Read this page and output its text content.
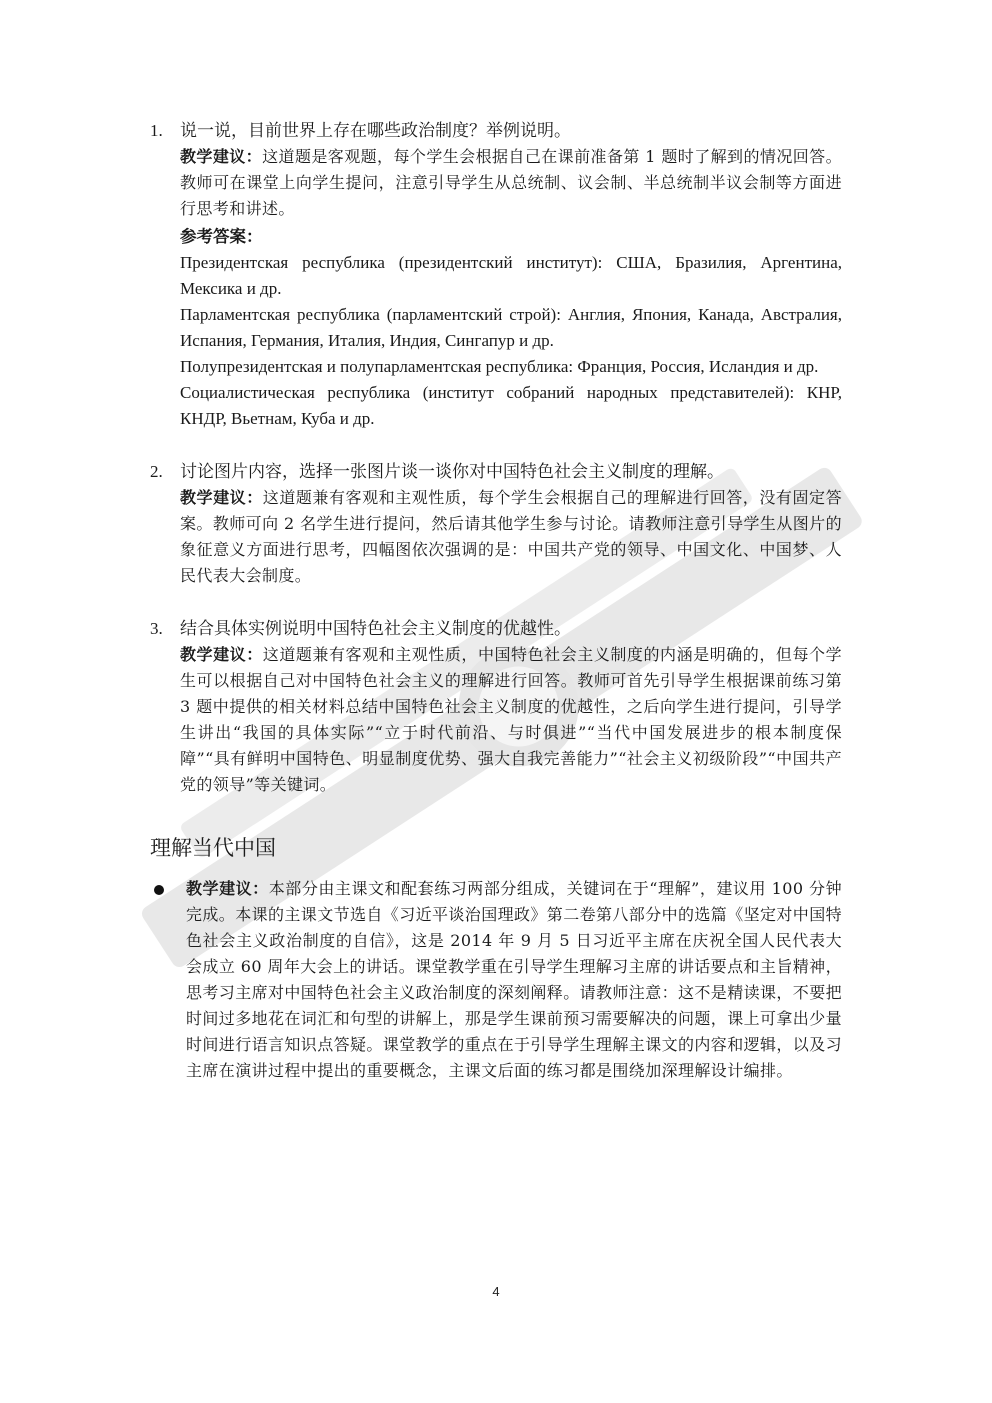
1. 说一说，目前世界上存在哪些政治制度？举例说明。
教学建议：这道题是客观题，每个学生会根据自己在课前准备第 1 题时了解到的情况回答。教师可在课堂上向学生提问，注意引导学生从总统制、议会制、半总统制半议会制等方面进行思考和讲述。
参考答案：
Президентская республика (президентский институт): США, Бразилия, Аргентина, Мексика и др.
Парламентская республика (парламентский строй): Англия, Япония, Канада, Австралия, Испания, Германия, Италия, Индия, Сингапур и др.
Полупрезидентская и полупарламентская республика: Франция, Россия, Исландия и др.
Социалистическая республика (институт собраний народных представителей): КНР, КНДР, Вьетнам, Куба и др.
2. 讨论图片内容，选择一张图片谈一谈你对中国特色社会主义制度的理解。
教学建议：这道题兼有客观和主观性质，每个学生会根据自己的理解进行回答，没有固定答案。教师可向 2 名学生进行提问，然后请其他学生参与讨论。请教师注意引导学生从图片的象征意义方面进行思考，四幅图依次强调的是：中国共产党的领导、中国文化、中国梦、人民代表大会制度。
3. 结合具体实例说明中国特色社会主义制度的优越性。
教学建议：这道题兼有客观和主观性质，中国特色社会主义制度的内涵是明确的，但每个学生可以根据自己对中国特色社会主义的理解进行回答。教师可首先引导学生根据课前练习第 3 题中提供的相关材料总结中国特色社会主义制度的优越性，之后向学生进行提问，引导学生讲出“我国的具体实际”“立于时代前沿、与时俱进”“当代中国发展进步的根本制度保障”“具有鲜明中国特色、明显制度优势、强大自我完善能力”“社会主义初级阶段”“中国共产党的领导”等关键词。
理解当代中国
教学建议：本部分由主课文和配套练习两部分组成，关键词在于“理解”，建议用 100 分钟完成。本课的主课文节选自《习近平谈治国理政》第二卷第八部分中的选篇《坚定对中国特色社会主义政治制度的自信》，这是 2014 年 9 月 5 日习近平主席在庆祝全国人民代表大会成立 60 周年大会上的讲话。课堂教学重在引导学生理解习主席的讲话要点和主旨精神，思考习主席对中国特色社会主义政治制度的深刻阐释。请教师注意：这不是精读课，不要把时间过多地花在词汇和句型的讲解上，那是学生课前预习需要解决的问题，课上可拿出少量时间进行语言知识点答疑。课堂教学的重点在于引导学生理解主课文的内容和逻辑，以及习主席在演讲过程中提出的重要概念，主课文后面的练习都是围绕加深理解设计编排。
4
